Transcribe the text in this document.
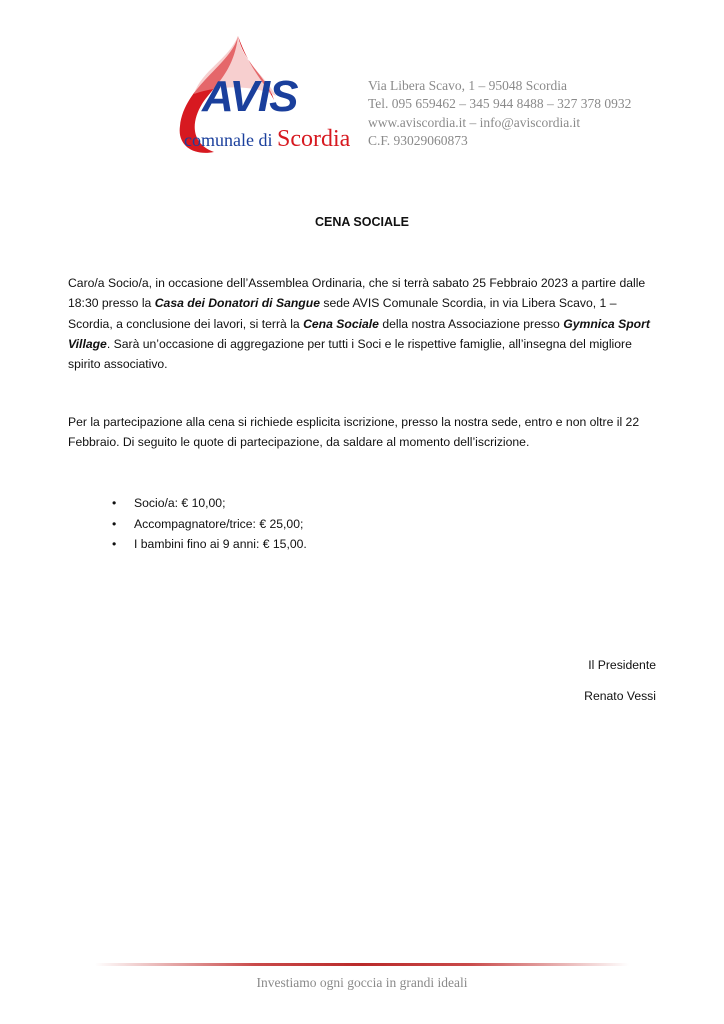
AVIS
comunale di Scordia
Via Libera Scavo, 1 – 95048 Scordia
Tel. 095 659462 – 345 944 8488 – 327 378 0932
www.aviscordia.it – info@aviscordia.it
C.F. 93029060873
CENA SOCIALE
Caro/a Socio/a, in occasione dell’Assemblea Ordinaria, che si terrà sabato 25 Febbraio 2023 a partire dalle 18:30 presso la Casa dei Donatori di Sangue sede AVIS Comunale Scordia, in via Libera Scavo, 1 – Scordia, a conclusione dei lavori, si terrà la Cena Sociale della nostra Associazione presso Gymnica Sport Village. Sarà un’occasione di aggregazione per tutti i Soci e le rispettive famiglie, all’insegna del migliore spirito associativo.
Per la partecipazione alla cena si richiede esplicita iscrizione, presso la nostra sede, entro e non oltre il 22 Febbraio. Di seguito le quote di partecipazione, da saldare al momento dell’iscrizione.
• Socio/a: € 10,00;
• Accompagnatore/trice: € 25,00;
• I bambini fino ai 9 anni: € 15,00.
Il Presidente
Renato Vessi
Investiamo ogni goccia in grandi ideali
